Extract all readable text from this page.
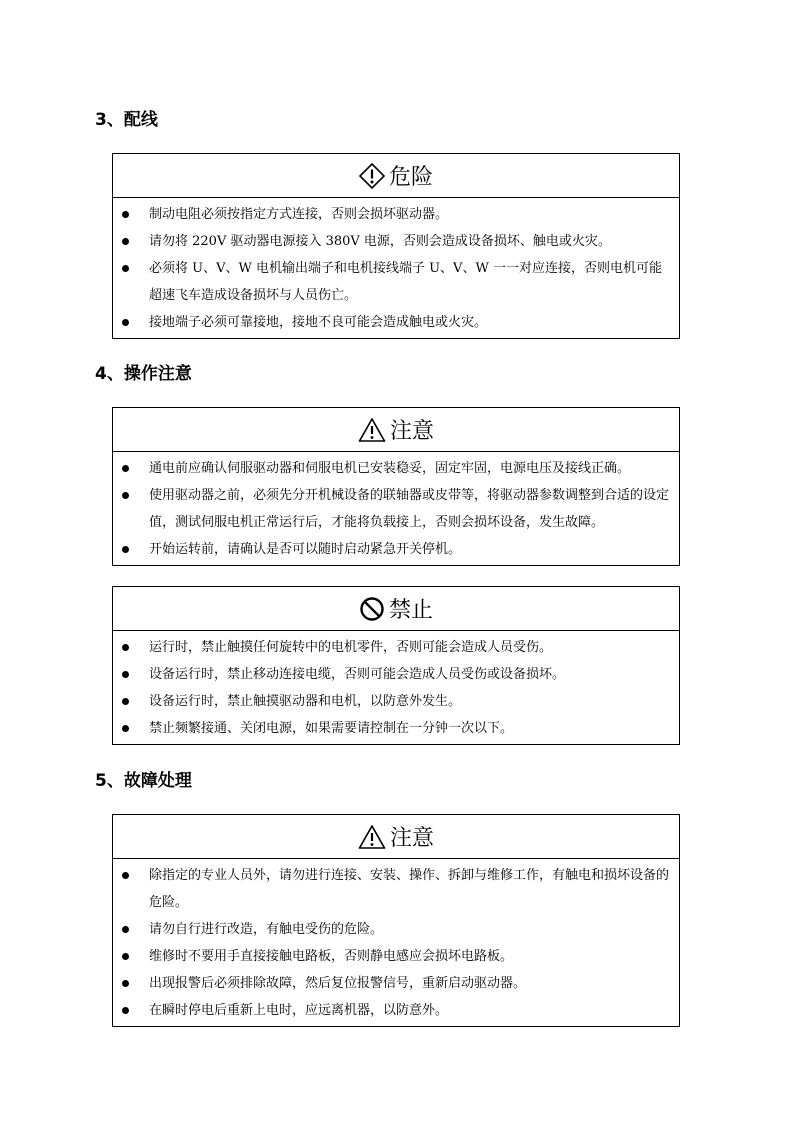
3、配线
危险
制动电阻必须按指定方式连接，否则会损坏驱动器。
请勿将 220V 驱动器电源接入 380V 电源，否则会造成设备损坏、触电或火灾。
必须将 U、V、W 电机输出端子和电机接线端子 U、V、W 一一对应连接，否则电机可能超速飞车造成设备损坏与人员伤亡。
接地端子必须可靠接地，接地不良可能会造成触电或火灾。
4、操作注意
注意
通电前应确认伺服驱动器和伺服电机已安装稳妥，固定牢固，电源电压及接线正确。
使用驱动器之前，必须先分开机械设备的联轴器或皮带等，将驱动器参数调整到合适的设定值，测试伺服电机正常运行后，才能将负载接上，否则会损坏设备，发生故障。
开始运转前，请确认是否可以随时启动紧急开关停机。
禁止
运行时，禁止触摸任何旋转中的电机零件，否则可能会造成人员受伤。
设备运行时，禁止移动连接电缆，否则可能会造成人员受伤或设备损坏。
设备运行时，禁止触摸驱动器和电机，以防意外发生。
禁止频繁接通、关闭电源，如果需要请控制在一分钟一次以下。
5、故障处理
注意
除指定的专业人员外，请勿进行连接、安装、操作、拆卸与维修工作，有触电和损坏设备的危险。
请勿自行进行改造，有触电受伤的危险。
维修时不要用手直接接触电路板，否则静电感应会损坏电路板。
出现报警后必须排除故障，然后复位报警信号，重新启动驱动器。
在瞬时停电后重新上电时，应远离机器，以防意外。
